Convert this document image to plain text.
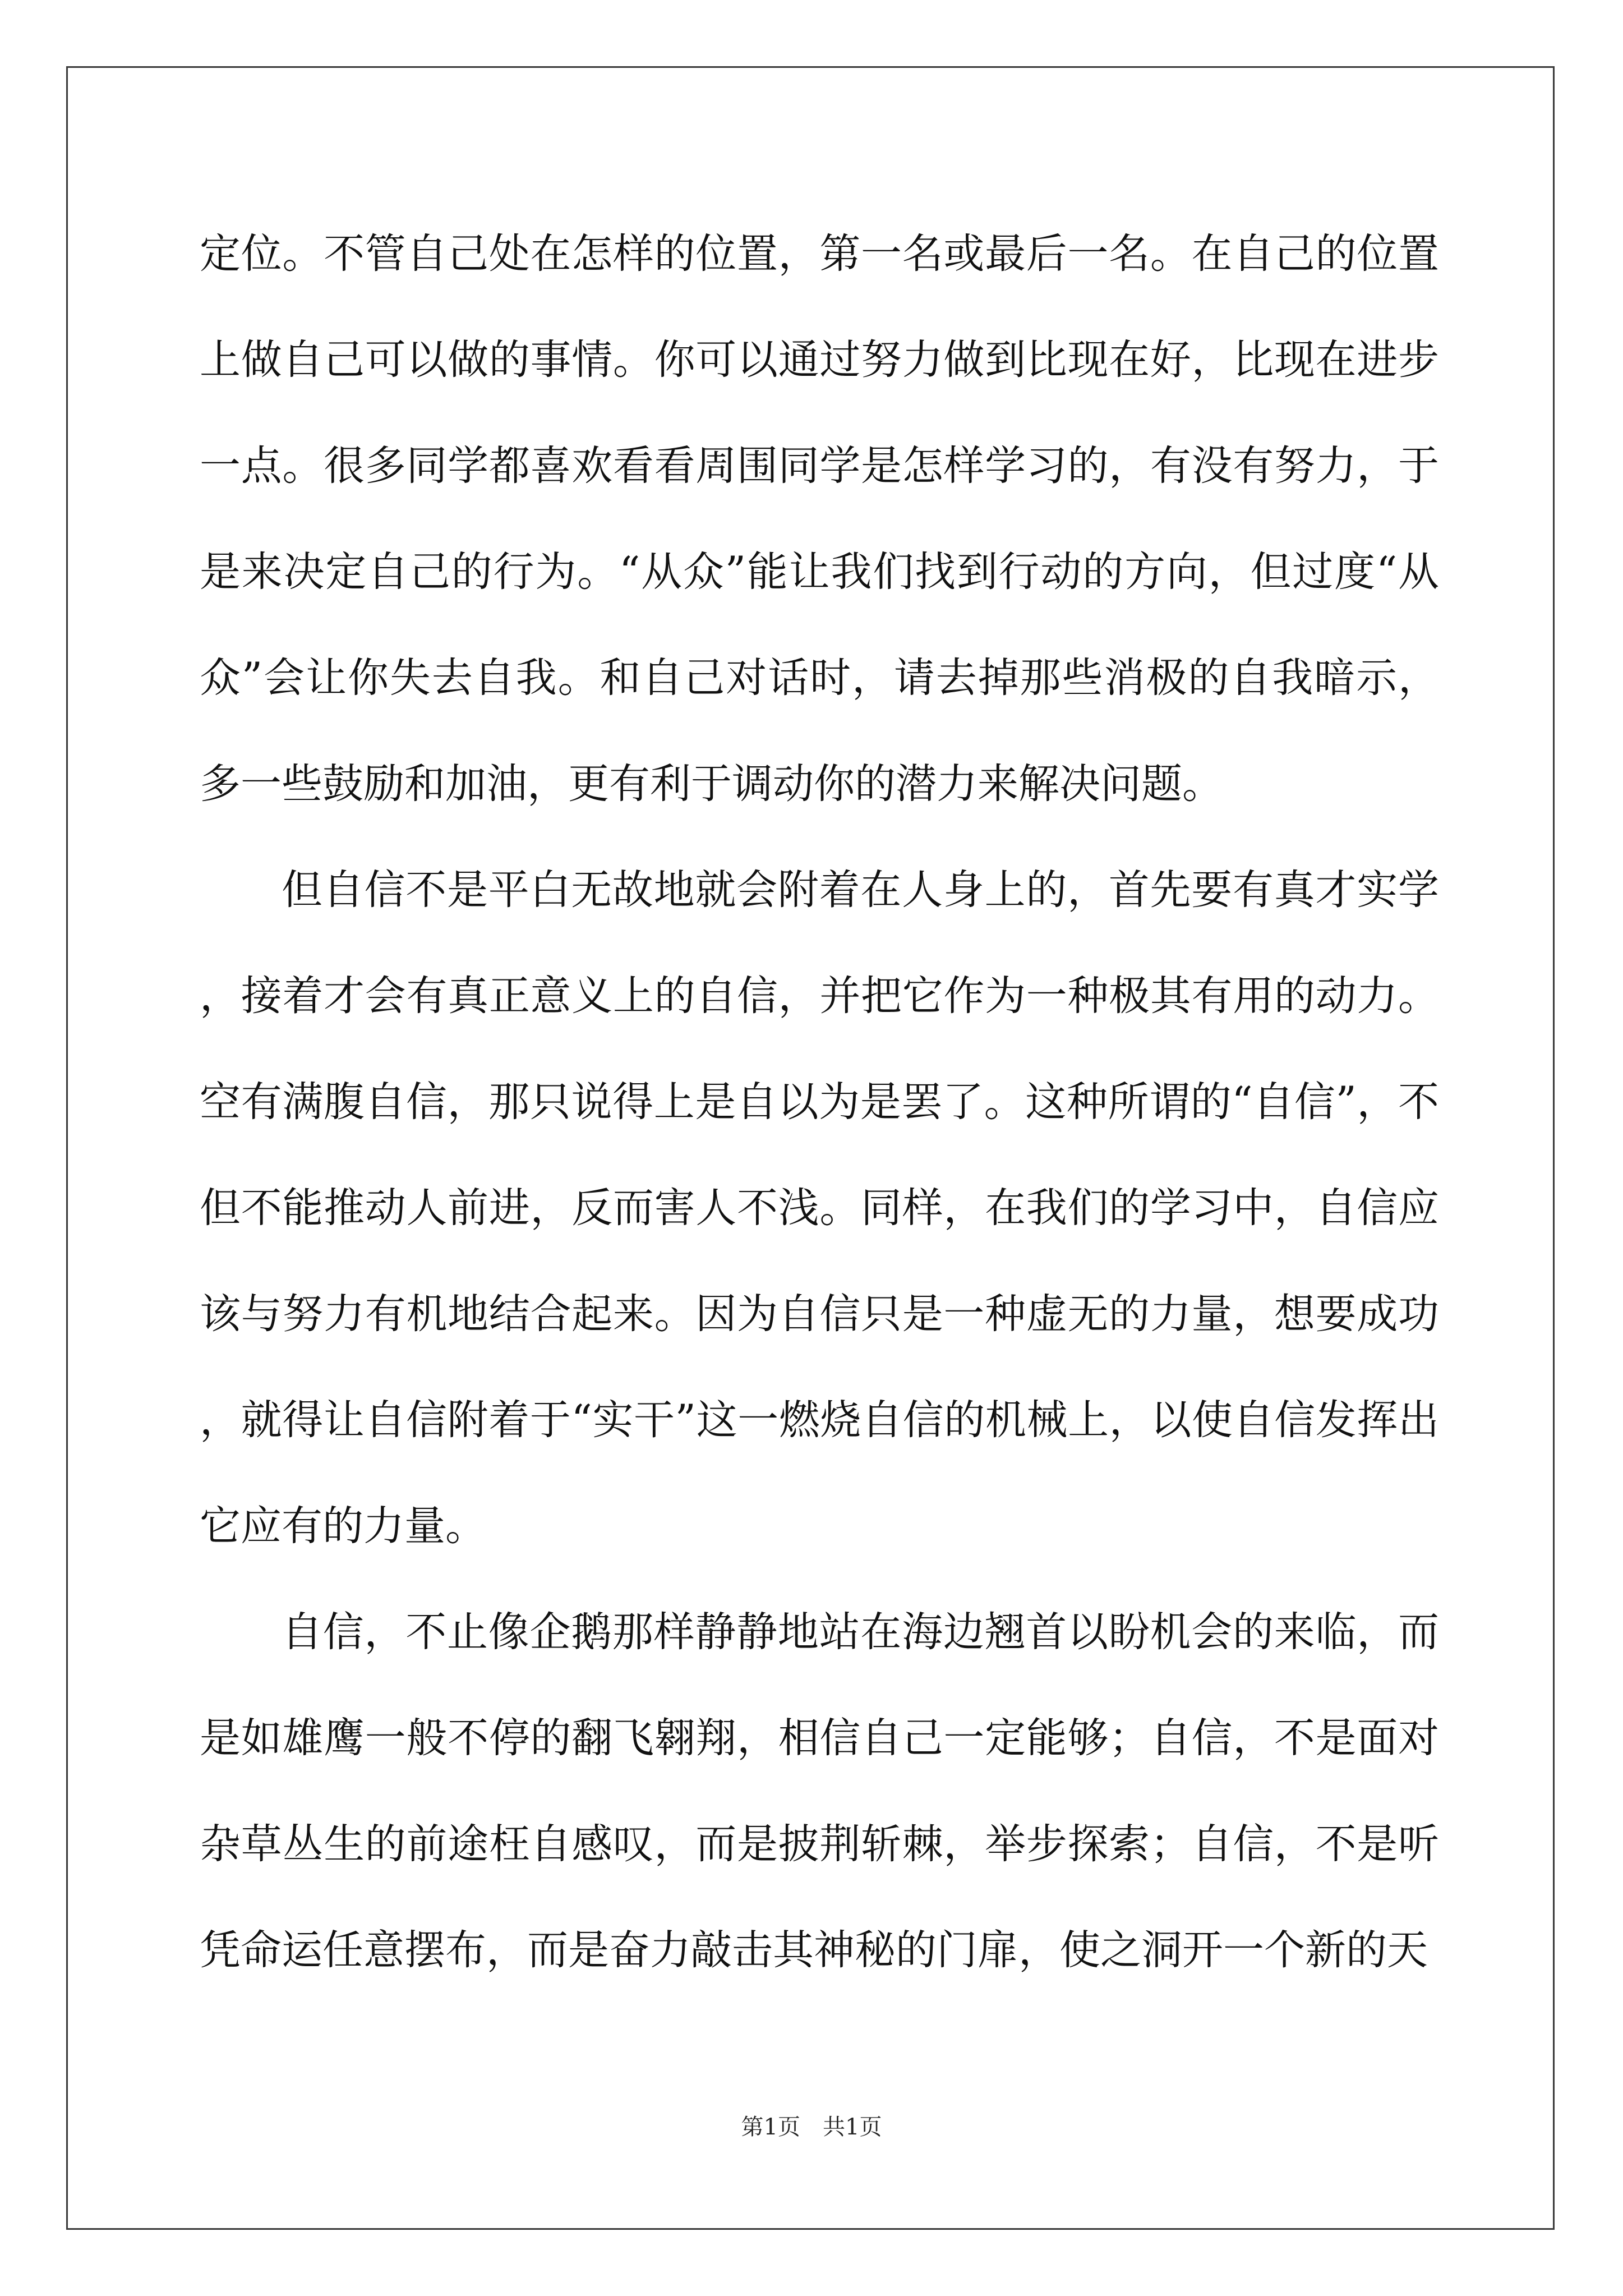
定位。不管自己处在怎样的位置，第一名或最后一名。在自己的位置上做自己可以做的事情。你可以通过努力做到比现在好，比现在进步一点。很多同学都喜欢看看周围同学是怎样学习的，有没有努力，于是来决定自己的行为。“从众”能让我们找到行动的方向，但过度“从众”会让你失去自我。和自己对话时，请去掉那些消极的自我暗示，多一些鼓励和加油，更有利于调动你的潜力来解决问题。

但自信不是平白无故地就会附着在人身上的，首先要有真才实学，接着才会有真正意义上的自信，并把它作为一种极其有用的动力。空有满腹自信，那只说得上是自以为是罢了。这种所谓的“自信”，不但不能推动人前进，反而害人不浅。同样，在我们的学习中，自信应该与努力有机地结合起来。因为自信只是一种虚无的力量，想要成功，就得让自信附着于“实干”这一燃烧自信的机械上，以使自信发挥出它应有的力量。

自信，不止像企鹅那样静静地站在海边翘首以盼机会的来临，而是如雄鹰一般不停的翻飞翱翔，相信自己一定能够；自信，不是面对杂草丛生的前途枉自感叹，而是披荆斩棘，举步探索；自信，不是听凭命运任意摆布，而是奋力敲击其神秘的门扉，使之洞开一个新的天

第1页　共1页
